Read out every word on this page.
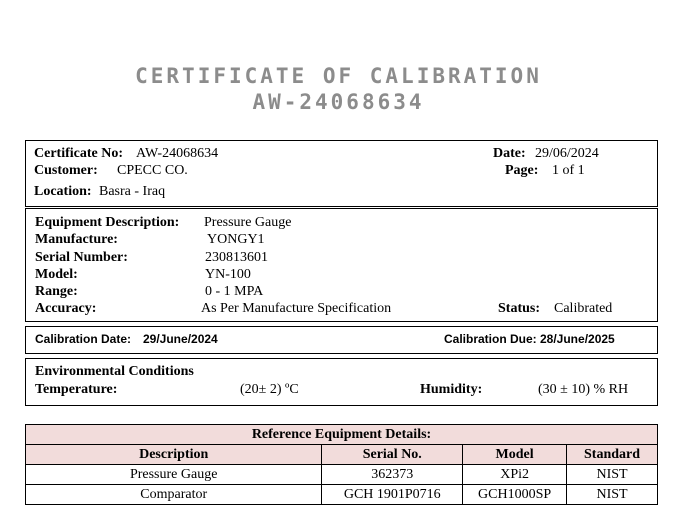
CERTIFICATE OF CALIBRATION
AW-24068634
Certificate No: AW-24068634
Customer: CPECC CO.
Location: Basra - Iraq
Date: 29/06/2024
Page: 1 of 1
Equipment Description: Pressure Gauge
Manufacture:	YONGY1
Serial Number:	230813601
Model:	YN-100
Range:	0 - 1 MPA
Accuracy:	As Per Manufacture Specification	Status: Calibrated
Calibration Date: 29/June/2024	Calibration Due: 28/June/2025
Environmental Conditions
Temperature:	(20± 2) ºC	Humidity:	(30 ± 10) % RH
Reference Equipment Details:			
Description	Serial No.	Model	Standard
Pressure Gauge	362373	XPi2	NIST
Comparator	GCH 1901P0716	GCH1000SP	NIST
